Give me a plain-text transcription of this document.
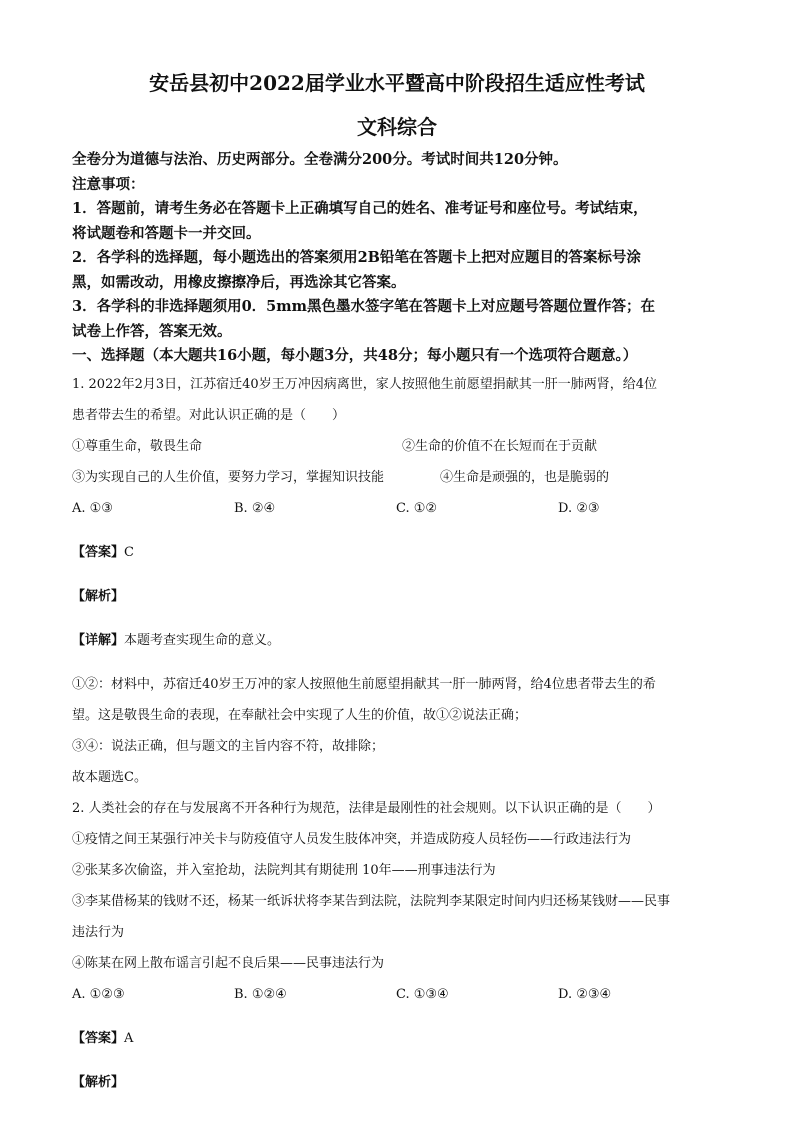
安岳县初中2022届学业水平暨高中阶段招生适应性考试

文科综合

全卷分为道德与法治、历史两部分。全卷满分200分。考试时间共120分钟。

注意事项：

1．答题前，请考生务必在答题卡上正确填写自己的姓名、准考证号和座位号。考试结束，

将试题卷和答题卡一并交回。

2．各学科的选择题，每小题选出的答案须用2B铅笔在答题卡上把对应题目的答案标号涂

黑，如需改动，用橡皮擦擦净后，再选涂其它答案。

3．各学科的非选择题须用0．5mm黑色墨水签字笔在答题卡上对应题号答题位置作答；在

试卷上作答，答案无效。

一、选择题（本大题共16小题，每小题3分，共48分；每小题只有一个选项符合题意。）

1. 2022年2月3日，江苏宿迁40岁王万冲因病离世，家人按照他生前愿望捐献其一肝一肺两肾，给4位

患者带去生的希望。对此认识正确的是（　　）

①尊重生命，敬畏生命	②生命的价值不在长短而在于贡献
③为实现自己的人生价值，要努力学习，掌握知识技能	④生命是顽强的，也是脆弱的
A. ①③	B. ②④	C. ①②	D. ②③

【答案】C

【解析】

【详解】本题考查实现生命的意义。

①②：材料中，苏宿迁40岁王万冲的家人按照他生前愿望捐献其一肝一肺两肾，给4位患者带去生的希

望。这是敬畏生命的表现，在奉献社会中实现了人生的价值，故①②说法正确；

③④：说法正确，但与题文的主旨内容不符，故排除；

故本题选C。

2. 人类社会的存在与发展离不开各种行为规范，法律是最刚性的社会规则。以下认识正确的是（　　）

①疫情之间王某强行冲关卡与防疫值守人员发生肢体冲突，并造成防疫人员轻伤——行政违法行为

②张某多次偷盗，并入室抢劫，法院判其有期徒刑 10年——刑事违法行为

③李某借杨某的钱财不还，杨某一纸诉状将李某告到法院，法院判李某限定时间内归还杨某钱财——民事

违法行为

④陈某在网上散布谣言引起不良后果——民事违法行为

A. ①②③	B. ①②④	C. ①③④	D. ②③④

【答案】A

【解析】
